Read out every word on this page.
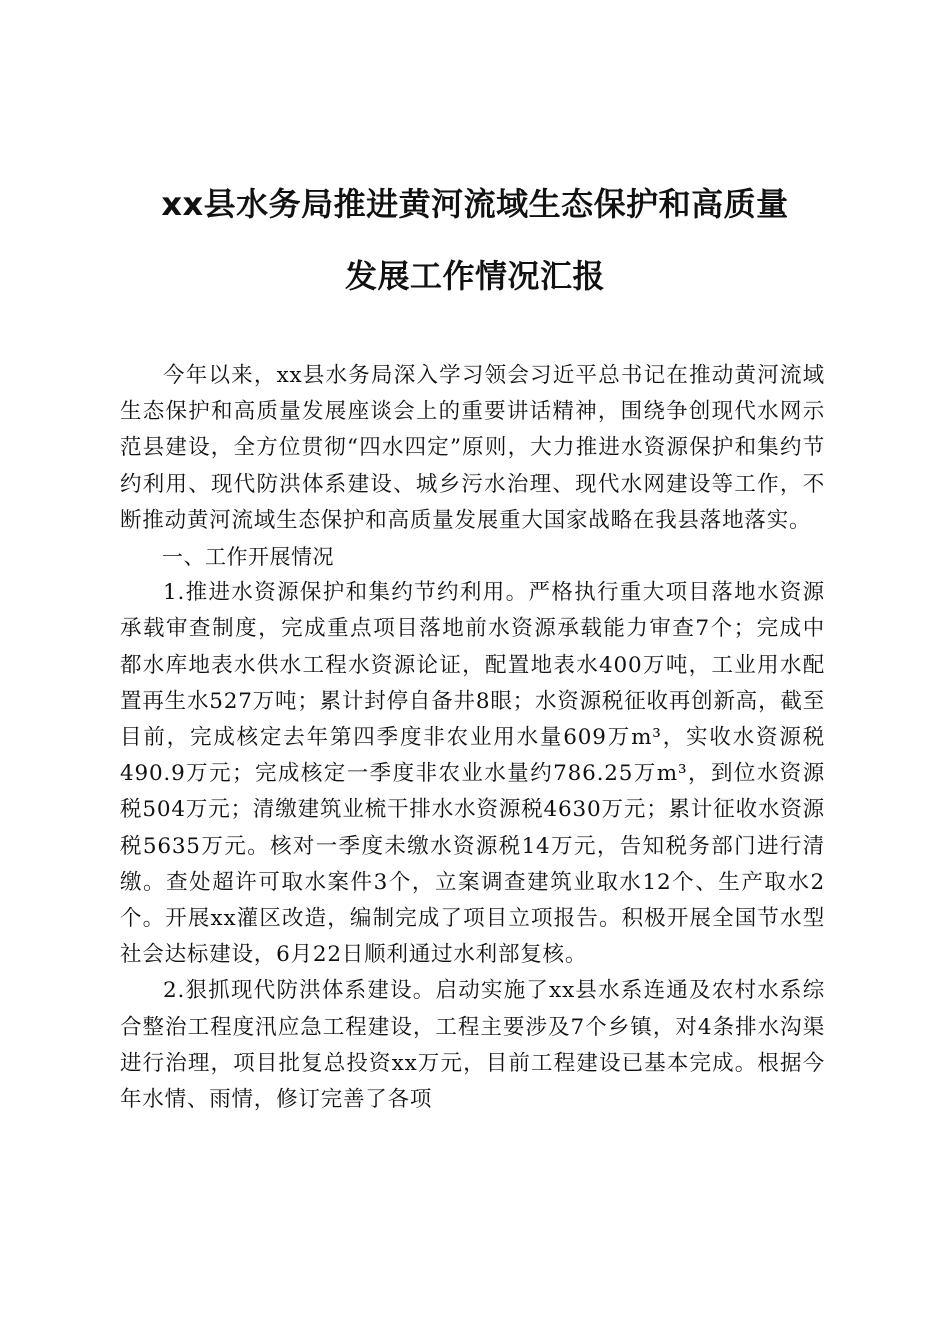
xx县水务局推进黄河流域生态保护和高质量
发展工作情况汇报

今年以来，xx县水务局深入学习领会习近平总书记在推动黄河流域生态保护和高质量发展座谈会上的重要讲话精神，围绕争创现代水网示范县建设，全方位贯彻“四水四定”原则，大力推进水资源保护和集约节约利用、现代防洪体系建设、城乡污水治理、现代水网建设等工作，不断推动黄河流域生态保护和高质量发展重大国家战略在我县落地落实。

一、工作开展情况

1.推进水资源保护和集约节约利用。严格执行重大项目落地水资源承载审查制度，完成重点项目落地前水资源承载能力审查7个；完成中都水库地表水供水工程水资源论证，配置地表水400万吨，工业用水配置再生水527万吨；累计封停自备井8眼；水资源税征收再创新高，截至目前，完成核定去年第四季度非农业用水量609万m³，实收水资源税490.9万元；完成核定一季度非农业水量约786.25万m³，到位水资源税504万元；清缴建筑业梳干排水水资源税4630万元；累计征收水资源税5635万元。核对一季度未缴水资源税14万元，告知税务部门进行清缴。查处超许可取水案件3个，立案调查建筑业取水12个、生产取水2个。开展xx灌区改造，编制完成了项目立项报告。积极开展全国节水型社会达标建设，6月22日顺利通过水利部复核。

2.狠抓现代防洪体系建设。启动实施了xx县水系连通及农村水系综合整治工程度汛应急工程建设，工程主要涉及7个乡镇，对4条排水沟渠进行治理，项目批复总投资xx万元，目前工程建设已基本完成。根据今年水情、雨情，修订完善了各项
